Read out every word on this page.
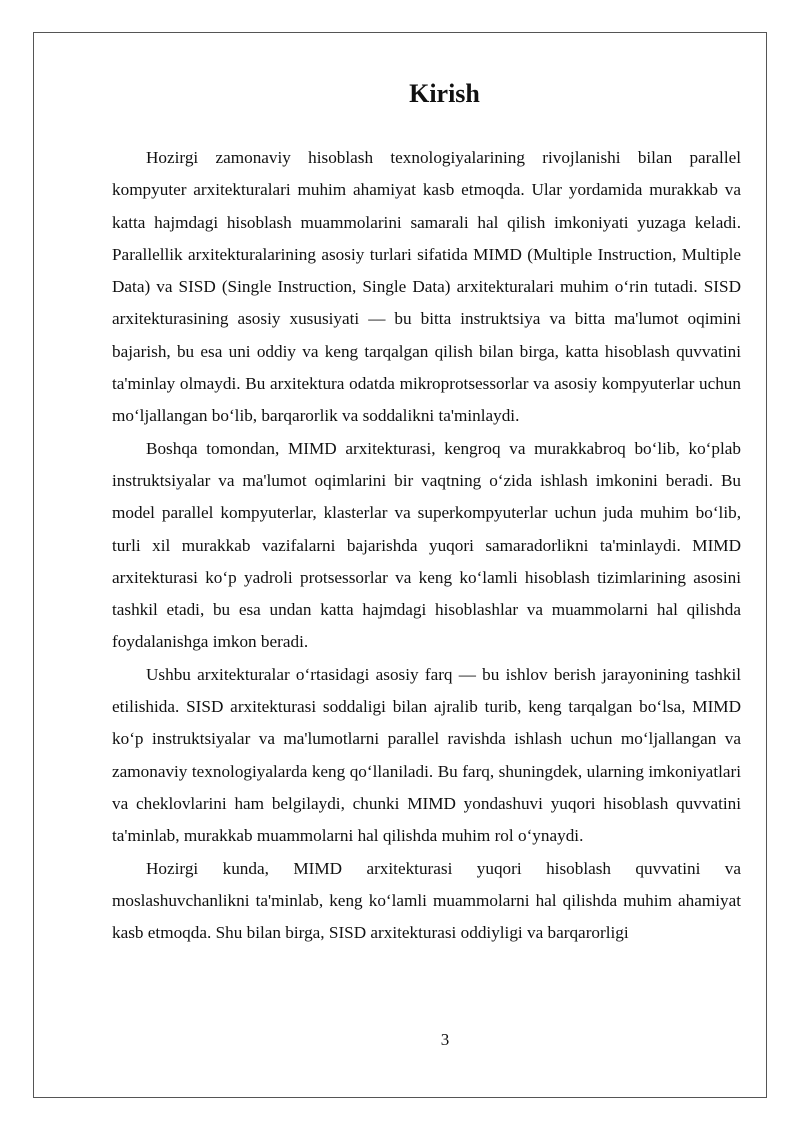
Kirish

Hozirgi zamonaviy hisoblash texnologiyalarining rivojlanishi bilan parallel kompyuter arxitekturalari muhim ahamiyat kasb etmoqda. Ular yordamida murakkab va katta hajmdagi hisoblash muammolarini samarali hal qilish imkoniyati yuzaga keladi. Parallellik arxitekturalarining asosiy turlari sifatida MIMD (Multiple Instruction, Multiple Data) va SISD (Single Instruction, Single Data) arxitekturalari muhim o‘rin tutadi. SISD arxitekturasining asosiy xususiyati — bu bitta instruktsiya va bitta ma'lumot oqimini bajarish, bu esa uni oddiy va keng tarqalgan qilish bilan birga, katta hisoblash quvvatini ta'minlay olmaydi. Bu arxitektura odatda mikroprotsessorlar va asosiy kompyuterlar uchun mo‘ljallangan bo‘lib, barqarorlik va soddalikni ta'minlaydi.

Boshqa tomondan, MIMD arxitekturasi, kengroq va murakkabroq bo‘lib, ko‘plab instruktsiyalar va ma'lumot oqimlarini bir vaqtning o‘zida ishlash imkonini beradi. Bu model parallel kompyuterlar, klasterlar va superkompyuterlar uchun juda muhim bo‘lib, turli xil murakkab vazifalarni bajarishda yuqori samaradorlikni ta'minlaydi. MIMD arxitekturasi ko‘p yadroli protsessorlar va keng ko‘lamli hisoblash tizimlarining asosini tashkil etadi, bu esa undan katta hajmdagi hisoblashlar va muammolarni hal qilishda foydalanishga imkon beradi.

Ushbu arxitekturalar o‘rtasidagi asosiy farq — bu ishlov berish jarayonining tashkil etilishida. SISD arxitekturasi soddaligi bilan ajralib turib, keng tarqalgan bo‘lsa, MIMD ko‘p instruktsiyalar va ma'lumotlarni parallel ravishda ishlash uchun mo‘ljallangan va zamonaviy texnologiyalarda keng qo‘llaniladi. Bu farq, shuningdek, ularning imkoniyatlari va cheklovlarini ham belgilaydi, chunki MIMD yondashuvi yuqori hisoblash quvvatini ta'minlab, murakkab muammolarni hal qilishda muhim rol o‘ynaydi.

Hozirgi kunda, MIMD arxitekturasi yuqori hisoblash quvvatini va moslashuvchanlikni ta'minlab, keng ko‘lamli muammolarni hal qilishda muhim ahamiyat kasb etmoqda. Shu bilan birga, SISD arxitekturasi oddiyligi va barqarorligi

3
